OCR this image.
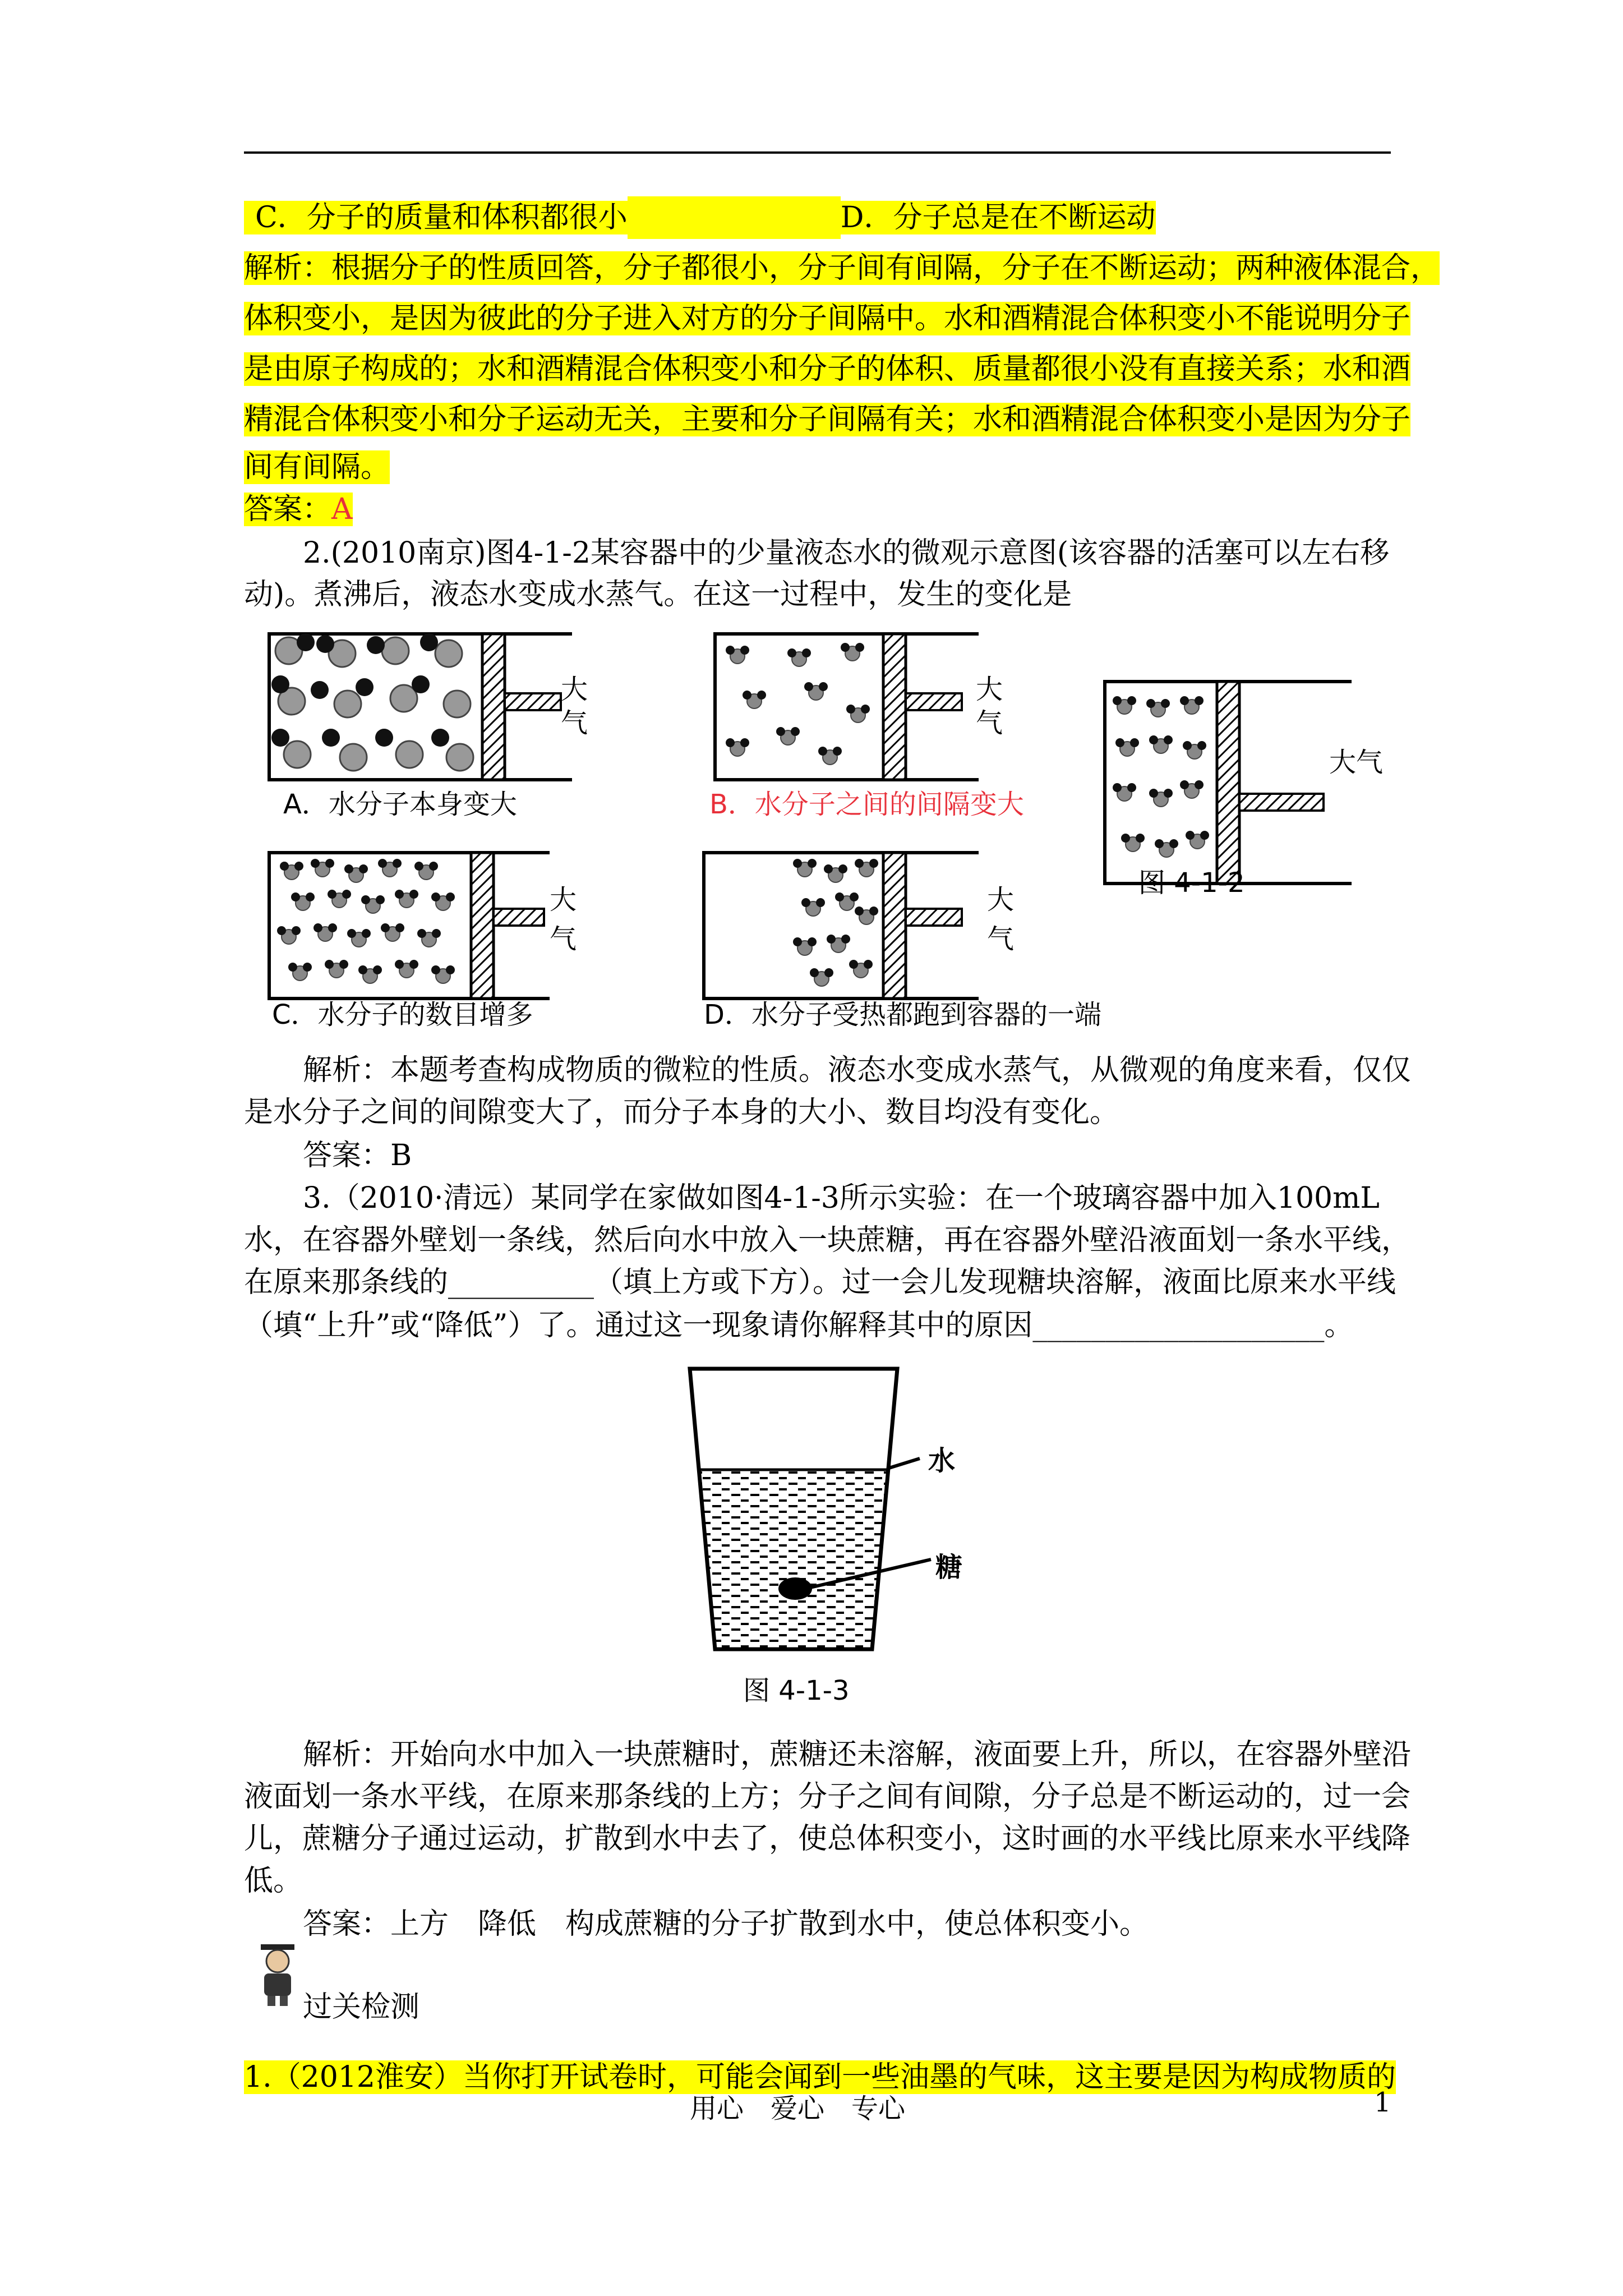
C．分子的质量和体积都很小	D．分子总是在不断运动
解析：根据分子的性质回答，分子都很小，分子间有间隔，分子在不断运动；两种液体混合，
体积变小，是因为彼此的分子进入对方的分子间隔中。水和酒精混合体积变小不能说明分子
是由原子构成的；水和酒精混合体积变小和分子的体积、质量都很小没有直接关系；水和酒
精混合体积变小和分子运动无关，主要和分子间隔有关；水和酒精混合体积变小是因为分子
间有间隔。
答案：A
2.(2010南京)图4-1-2某容器中的少量液态水的微观示意图(该容器的活塞可以左右移
动)。煮沸后，液态水变成水蒸气。在这一过程中，发生的变化是
大
气
大
气
大气
大
气
大
气
A．水分子本身变大	B．水分子之间的间隔变大
图 4-1-2
C．水分子的数目增多	D．水分子受热都跑到容器的一端
解析：本题考查构成物质的微粒的性质。液态水变成水蒸气，从微观的角度来看，仅仅
是水分子之间的间隙变大了，而分子本身的大小、数目均没有变化。
答案：B
3.（2010·清远）某同学在家做如图4-1-3所示实验：在一个玻璃容器中加入100mL
水，在容器外壁划一条线，然后向水中放入一块蔗糖，再在容器外壁沿液面划一条水平线，
在原来那条线的__________（填上方或下方）。过一会儿发现糖块溶解，液面比原来水平线
（填“上升”或“降低”）了。通过这一现象请你解释其中的原因____________________。
水
糖
图 4-1-3
解析：开始向水中加入一块蔗糖时，蔗糖还未溶解，液面要上升，所以，在容器外壁沿
液面划一条水平线，在原来那条线的上方；分子之间有间隙，分子总是不断运动的，过一会
儿，蔗糖分子通过运动，扩散到水中去了，使总体积变小，这时画的水平线比原来水平线降
低。
答案：上方　降低　构成蔗糖的分子扩散到水中，使总体积变小。
过关检测
1.（2012淮安）当你打开试卷时，可能会闻到一些油墨的气味，这主要是因为构成物质的
用心　爱心　专心	1
